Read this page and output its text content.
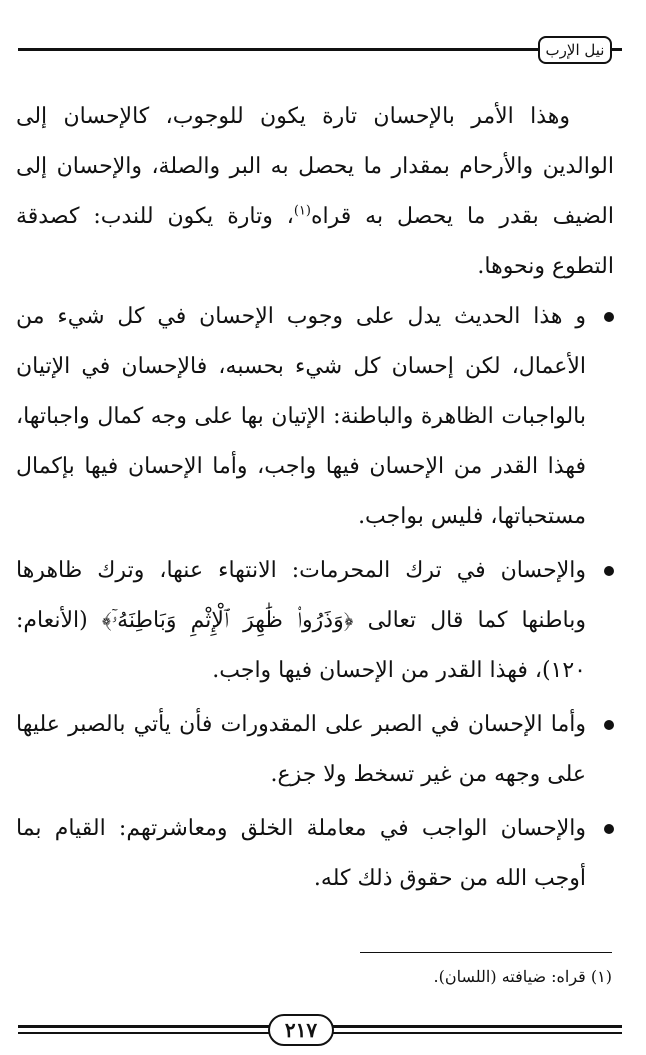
نيل الإرب

وهذا الأمر بالإحسان تارة يكون للوجوب، كالإحسان إلى الوالدين والأرحام بمقدار ما يحصل به البر والصلة، والإحسان إلى الضيف بقدر ما يحصل به قراه$^{(١)}$، وتارة يكون للندب: كصدقة التطوع ونحوها.

و هذا الحديث يدل على وجوب الإحسان في كل شيء من الأعمال، لكن إحسان كل شيء بحسبه، فالإحسان في الإتيان بالواجبات الظاهرة والباطنة: الإتيان بها على وجه كمال واجباتها، فهذا القدر من الإحسان فيها واجب، وأما الإحسان فيها بإكمال مستحباتها، فليس بواجب.
والإحسان في ترك المحرمات: الانتهاء عنها، وترك ظاهرها وباطنها كما قال تعالى ﴿وَذَرُوا۟ ظَٰهِرَ ٱلْإِثْمِ وَبَاطِنَهُۥٓ﴾ (الأنعام: ١٢٠)، فهذا القدر من الإحسان فيها واجب.
وأما الإحسان في الصبر على المقدورات فأن يأتي بالصبر عليها على وجهه من غير تسخط ولا جزع.
والإحسان الواجب في معاملة الخلق ومعاشرتهم: القيام بما أوجب الله من حقوق ذلك كله.
(١) قراه: ضيافته (اللسان).
٢١٧
